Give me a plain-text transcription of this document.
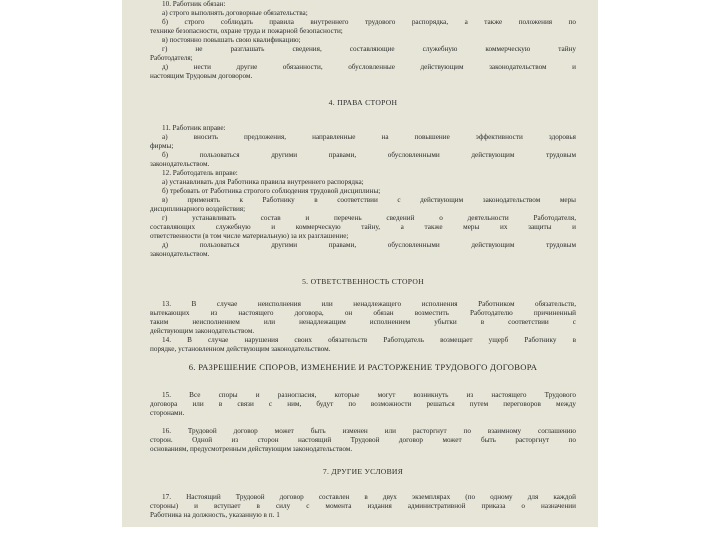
10. Работник обязан:
а) строго выполнять договорные обязательства;
б) строго соблюдать правила внутреннего трудового распорядка, а также положения по
технике безопасности, охране труда и пожарной безопасности;
в) постоянно повышать свою квалификацию;
г) не разглашать сведения, составляющие служебную коммерческую тайну
Работодателя;
д) нести другие обязанности, обусловленные действующим законодательством и
настоящим Трудовым договором.
4. ПРАВА СТОРОН
11. Работник вправе:
а) вносить предложения, направленные на повышение эффективности здоровья
фирмы;
б) пользоваться другими правами, обусловленными действующим трудовым
законодательством.
12. Работодатель вправе:
а) устанавливать для Работника правила внутреннего распорядка;
б) требовать от Работника строгого соблюдения трудовой дисциплины;
в) применять к Работнику в соответствии с действующим законодательством меры
дисциплинарного воздействия;
г) устанавливать состав и перечень сведений о деятельности Работодателя,
составляющих служебную и коммерческую тайну, а также меры их защиты и
ответственности (в том числе материальную) за их разглашение;
д) пользоваться другими правами, обусловленными действующим трудовым
законодательством.
5. ОТВЕТСТВЕННОСТЬ СТОРОН
13. В случае неисполнения или ненадлежащего исполнения Работником обязательств,
вытекающих из настоящего договора, он обязан возместить Работодателю причиненный
таким неисполнением или ненадлежащим исполнением убытки в соответствии с
действующим законодательством.
14. В случае нарушения своих обязательств Работодатель возмещает ущерб Работнику в
порядке, установленном действующим законодательством.
6. РАЗРЕШЕНИЕ СПОРОВ, ИЗМЕНЕНИЕ И РАСТОРЖЕНИЕ ТРУДОВОГО ДОГОВОРА
15. Все споры и разногласия, которые могут возникнуть из настоящего Трудового
договора или в связи с ним, будут по возможности решаться путем переговоров между
сторонами.
16. Трудовой договор может быть изменен или расторгнут по взаимному соглашению
сторон. Одной из сторон настоящий Трудовой договор может быть расторгнут по
основаниям, предусмотренным действующим законодательством.
7. ДРУГИЕ УСЛОВИЯ
17. Настоящий Трудовой договор составлен в двух экземплярах (по одному для каждой
стороны) и вступает в силу с момента издания административной приказа о назначении
Работника на должность, указанную в п. 1
